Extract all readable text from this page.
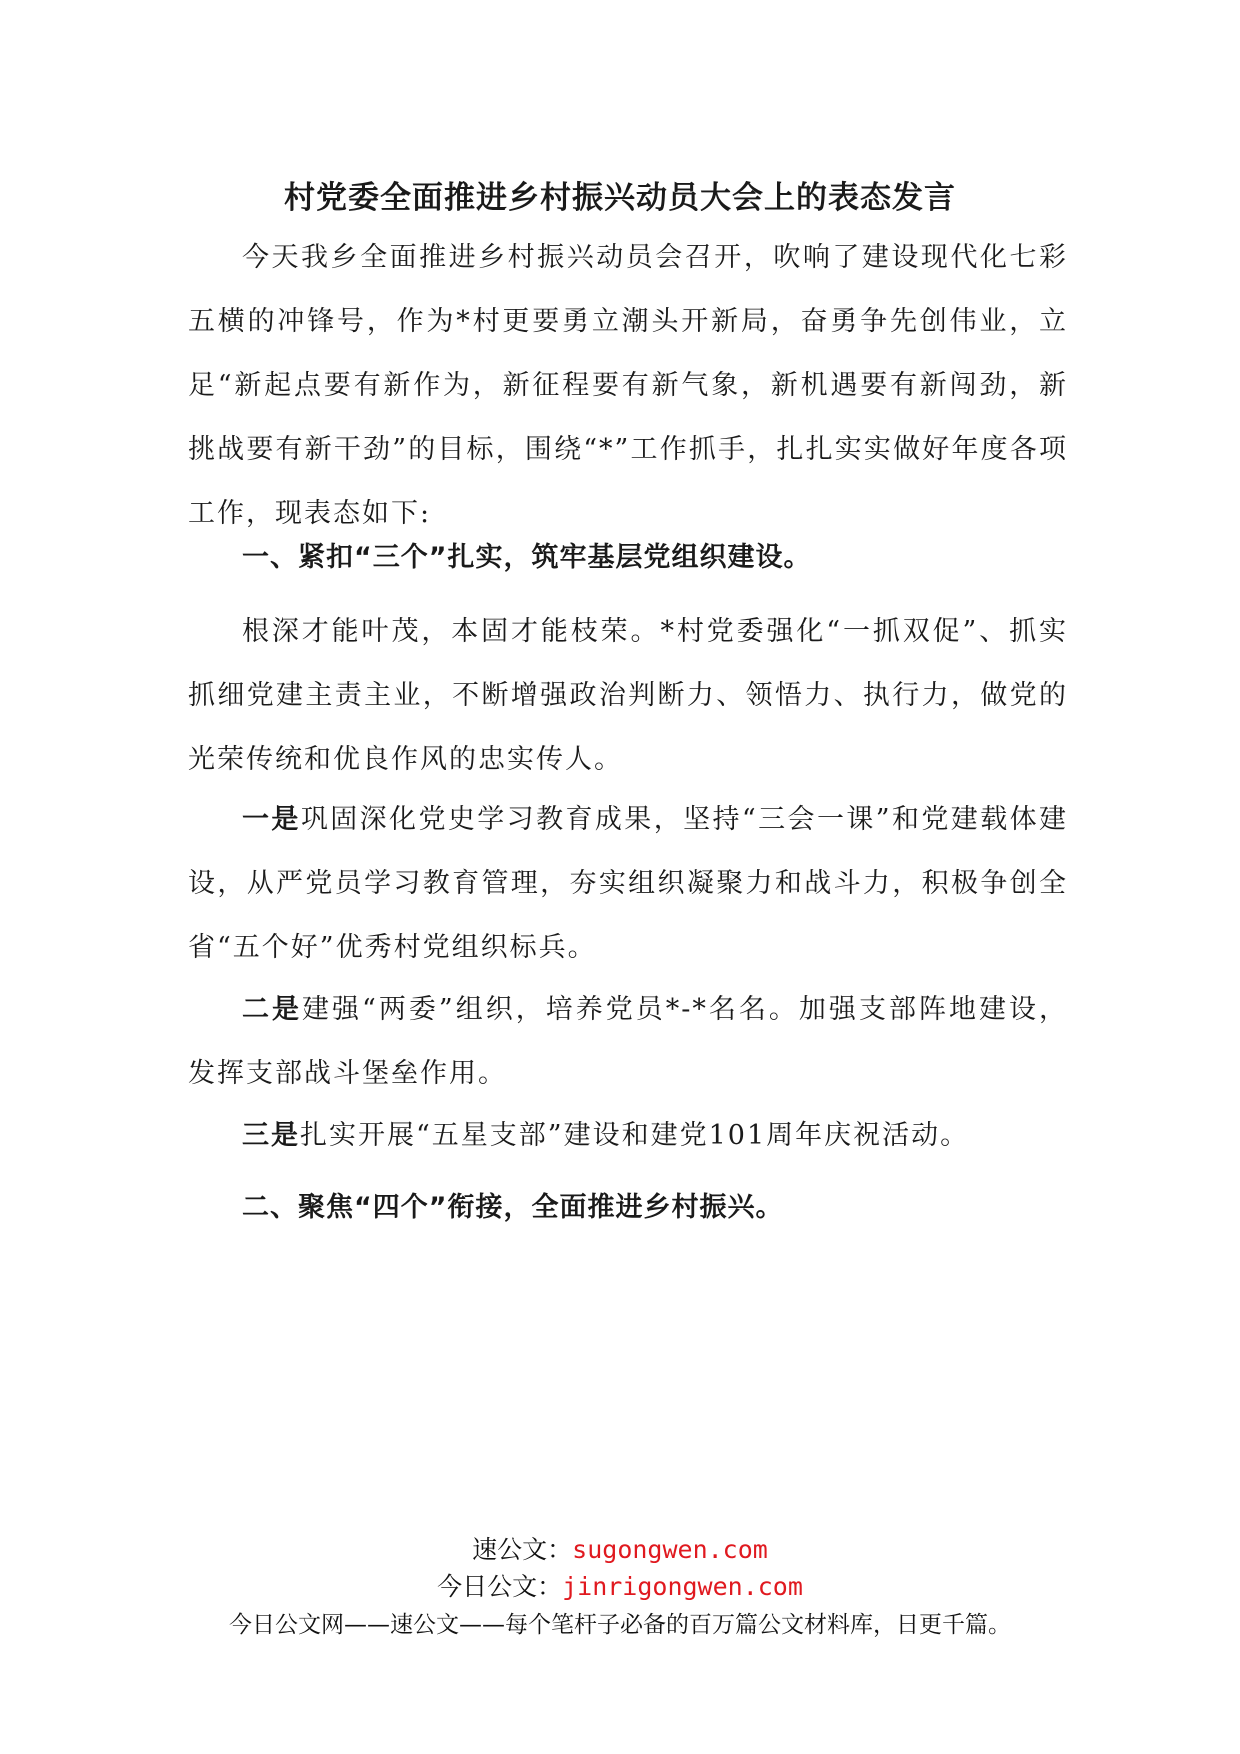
村党委全面推进乡村振兴动员大会上的表态发言

今天我乡全面推进乡村振兴动员会召开，吹响了建设现代化七彩五横的冲锋号，作为*村更要勇立潮头开新局，奋勇争先创伟业，立足“新起点要有新作为，新征程要有新气象，新机遇要有新闯劲，新挑战要有新干劲”的目标，围绕“*”工作抓手，扎扎实实做好年度各项工作，现表态如下:

一、紧扣“三个”扎实，筑牢基层党组织建设。

根深才能叶茂，本固才能枝荣。*村党委强化“一抓双促”、抓实抓细党建主责主业，不断增强政治判断力、领悟力、执行力，做党的光荣传统和优良作风的忠实传人。

一是巩固深化党史学习教育成果，坚持“三会一课”和党建载体建设，从严党员学习教育管理，夯实组织凝聚力和战斗力，积极争创全省“五个好”优秀村党组织标兵。

二是建强“两委”组织，培养党员*-*名名。加强支部阵地建设，发挥支部战斗堡垒作用。

三是扎实开展“五星支部”建设和建党101周年庆祝活动。

二、聚焦“四个”衔接，全面推进乡村振兴。

速公文：sugongwen.com
今日公文：jinrigongwen.com
今日公文网——速公文——每个笔杆子必备的百万篇公文材料库，日更千篇。
